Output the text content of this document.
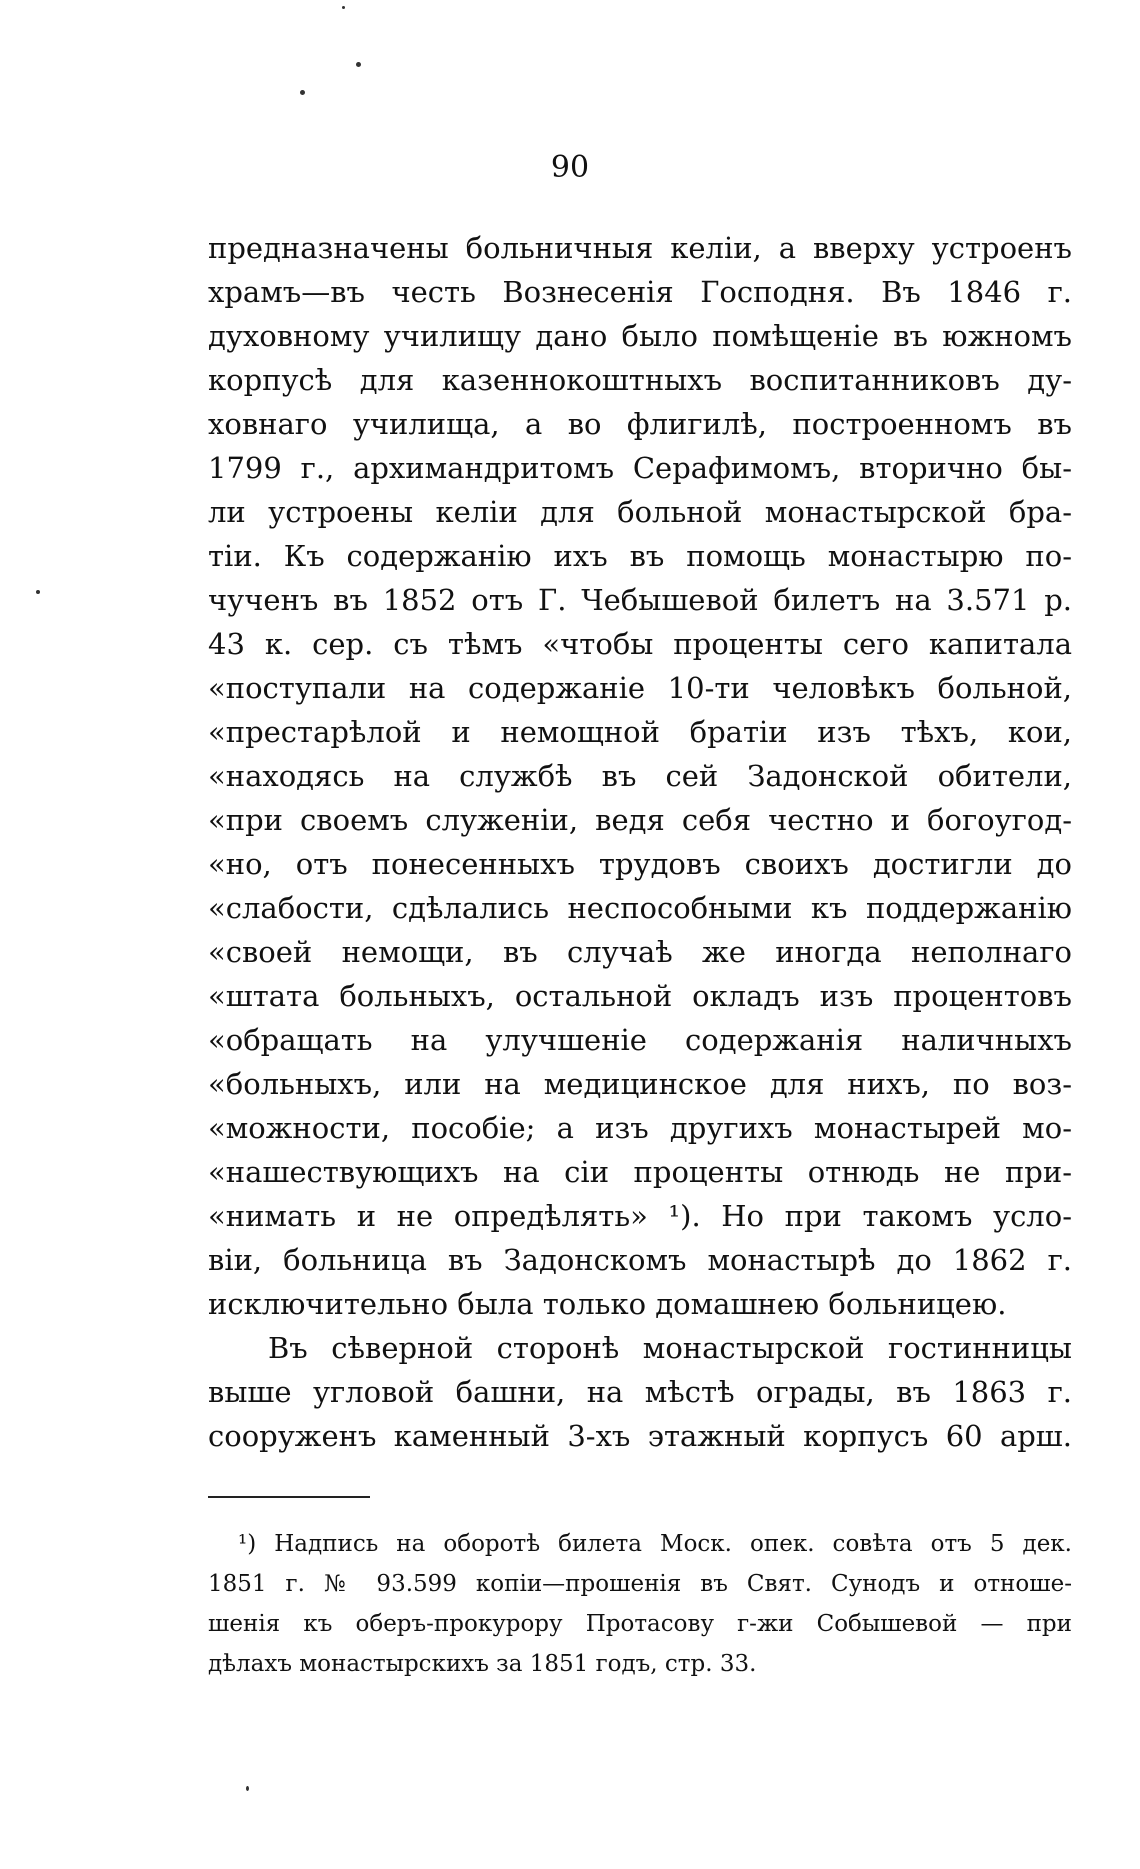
90
предназначены больничныя келіи, а вверху устроенъ
храмъ—въ честь Вознесенія Господня. Въ 1846 г.
духовному училищу дано было помѣщеніе въ южномъ
корпусѣ для казеннокоштныхъ воспитанниковъ ду-
ховнаго училища, а во флигилѣ, построенномъ въ
1799 г., архимандритомъ Серафимомъ, вторично бы-
ли устроены келіи для больной монастырской бра-
тіи. Къ содержанію ихъ въ помощь монастырю по-
чученъ въ 1852 отъ Г. Чебышевой билетъ на 3.571 р.
43 к. сер. съ тѣмъ «чтобы проценты сего капитала
«поступали на содержаніе 10-ти человѣкъ больной,
«престарѣлой и немощной братіи изъ тѣхъ, кои,
«находясь на службѣ въ сей Задонской обители,
«при своемъ служеніи, ведя себя честно и богоугод-
«но, отъ понесенныхъ трудовъ своихъ достигли до
«слабости, сдѣлались неспособными къ поддержанію
«своей немощи, въ случаѣ же иногда неполнаго
«штата больныхъ, остальной окладъ изъ процентовъ
«обращать на улучшеніе содержанія наличныхъ
«больныхъ, или на медицинское для нихъ, по воз-
«можности, пособіе; а изъ другихъ монастырей мо-
«нашествующихъ на сіи проценты отнюдь не при-
«нимать и не опредѣлять» ¹). Но при такомъ усло-
віи, больница въ Задонскомъ монастырѣ до 1862 г.
исключительно была только домашнею больницею.
Въ сѣверной сторонѣ монастырской гостинницы
выше угловой башни, на мѣстѣ ограды, въ 1863 г.
сооруженъ каменный 3-хъ этажный корпусъ 60 арш.
¹) Надпись на оборотѣ билета Моск. опек. совѣта отъ 5 дек.
1851 г. № 93.599 копіи—прошенія въ Свят. Сунодъ и отноше-
шенія къ оберъ-прокурору Протасову г-жи Собышевой — при
дѣлахъ монастырскихъ за 1851 годъ, стр. 33.
